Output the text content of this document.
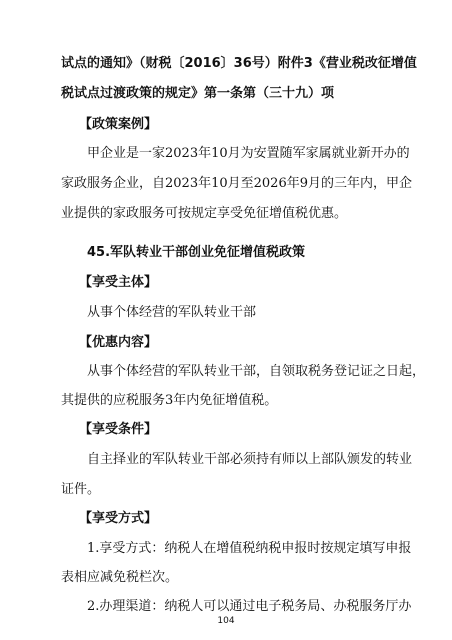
试点的通知》（财税〔2016〕36号）附件3《营业税改征增值
税试点过渡政策的规定》第一条第（三十九）项
【政策案例】
甲企业是一家2023年10月为安置随军家属就业新开办的
家政服务企业，自2023年10月至2026年9月的三年内，甲企
业提供的家政服务可按规定享受免征增值税优惠。
45.军队转业干部创业免征增值税政策
【享受主体】
从事个体经营的军队转业干部
【优惠内容】
从事个体经营的军队转业干部，自领取税务登记证之日起，
其提供的应税服务3年内免征增值税。
【享受条件】
自主择业的军队转业干部必须持有师以上部队颁发的转业
证件。
【享受方式】
1.享受方式：纳税人在增值税纳税申报时按规定填写申报
表相应减免税栏次。
2.办理渠道：纳税人可以通过电子税务局、办税服务厅办
104
